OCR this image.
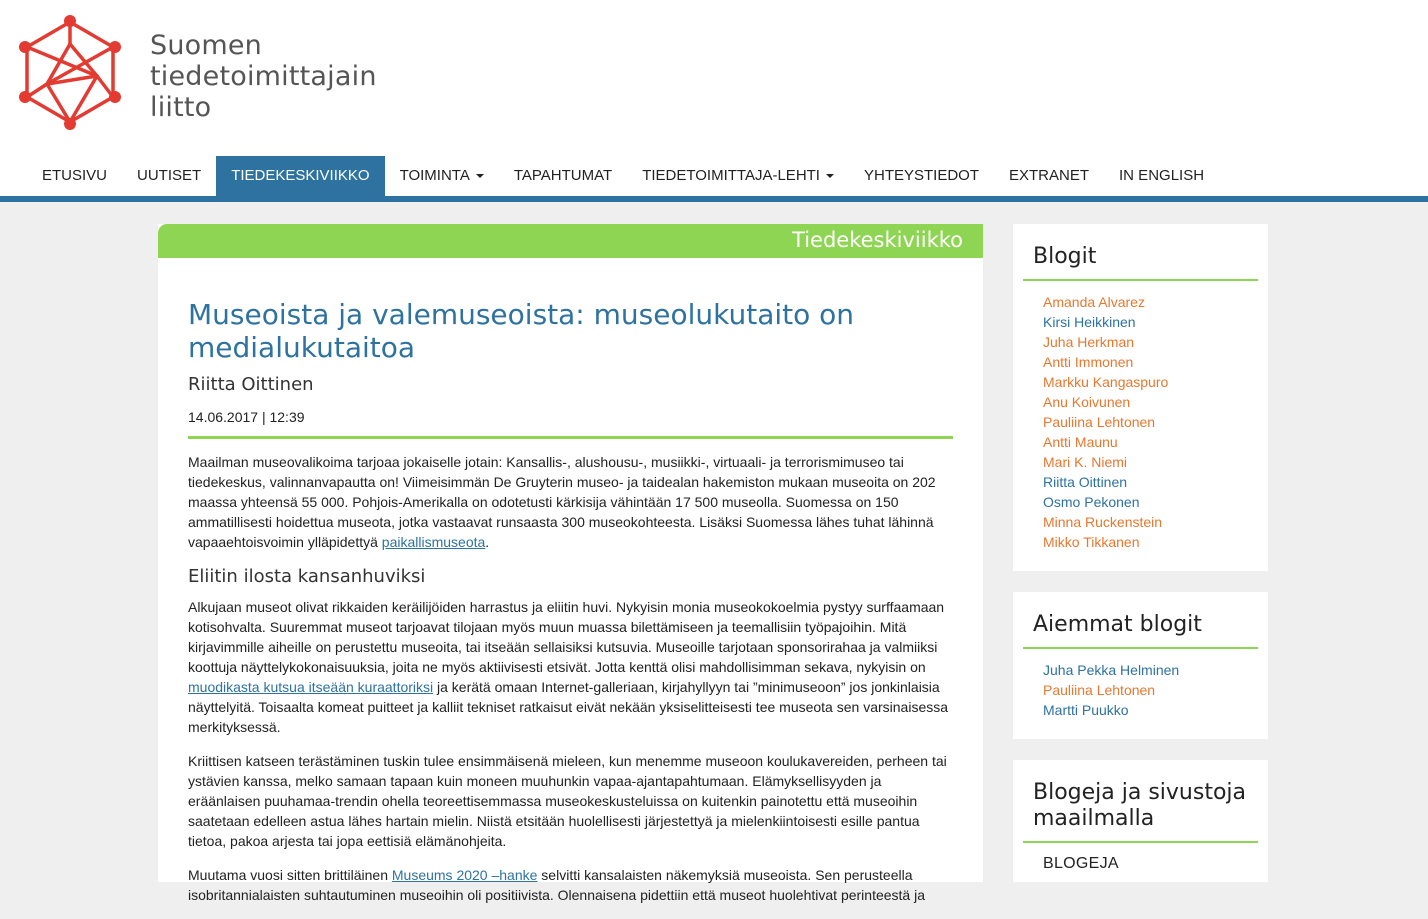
Suomen
tiedetoimittajain
liitto
ETUSIVU	UUTISET	TIEDEKESKIVIIKKO	TOIMINTA	TAPAHTUMAT	TIEDETOIMITTAJA-LEHTI	YHTEYSTIEDOT	EXTRANET	IN ENGLISH
Tiedekeskiviikko
Museoista ja valemuseoista: museolukutaito on medialukutaitoa
Riitta Oittinen
14.06.2017 | 12:39

Maailman museovalikoima tarjoaa jokaiselle jotain: Kansallis-, alushousu-, musiikki-, virtuaali- ja terrorismimuseo tai tiedekeskus, valinnanvapautta on! Viimeisimmän De Gruyterin museo- ja taidealan hakemiston mukaan museoita on 202 maassa yhteensä 55 000. Pohjois-Amerikalla on odotetusti kärkisija vähintään 17 500 museolla. Suomessa on 150 ammatillisesti hoidettua museota, jotka vastaavat runsaasta 300 museokohteesta. Lisäksi Suomessa lähes tuhat lähinnä vapaaehtoisvoimin ylläpidettyä paikallismuseota.

Eliitin ilosta kansanhuviksi

Alkujaan museot olivat rikkaiden keräilijöiden harrastus ja eliitin huvi. Nykyisin monia museokokoelmia pystyy surffaamaan kotisohvalta. Suuremmat museot tarjoavat tilojaan myös muun muassa bilettämiseen ja teemallisiin työpajoihin. Mitä kirjavimmille aiheille on perustettu museoita, tai itseään sellaisiksi kutsuvia. Museoille tarjotaan sponsorirahaa ja valmiiksi koottuja näyttelykokonaisuuksia, joita ne myös aktiivisesti etsivät. Jotta kenttä olisi mahdollisimman sekava, nykyisin on muodikasta kutsua itseään kuraattoriksi ja kerätä omaan Internet-galleriaan, kirjahyllyyn tai ”minimuseoon” jos jonkinlaisia näyttelyitä. Toisaalta komeat puitteet ja kalliit tekniset ratkaisut eivät nekään yksiselitteisesti tee museota sen varsinaisessa merkityksessä.

Kriittisen katseen terästäminen tuskin tulee ensimmäisenä mieleen, kun menemme museoon koulukavereiden, perheen tai ystävien kanssa, melko samaan tapaan kuin moneen muuhunkin vapaa-ajantapahtumaan. Elämyksellisyyden ja eräänlaisen puuhamaa-trendin ohella teoreettisemmassa museokeskusteluissa on kuitenkin painotettu että museoihin saatetaan edelleen astua lähes hartain mielin. Niistä etsitään huolellisesti järjestettyä ja mielenkiintoisesti esille pantua tietoa, pakoa arjesta tai jopa eettisiä elämänohjeita.

Muutama vuosi sitten brittiläinen Museums 2020 –hanke selvitti kansalaisten näkemyksiä museoista. Sen perusteella isobritannialaisten suhtautuminen museoihin oli positiivista. Olennaisena pidettiin että museot huolehtivat perinteestä ja

Blogit
Amanda Alvarez
Kirsi Heikkinen
Juha Herkman
Antti Immonen
Markku Kangaspuro
Anu Koivunen
Pauliina Lehtonen
Antti Maunu
Mari K. Niemi
Riitta Oittinen
Osmo Pekonen
Minna Ruckenstein
Mikko Tikkanen
Aiemmat blogit
Juha Pekka Helminen
Pauliina Lehtonen
Martti Puukko
Blogeja ja sivustoja
maailmalla
BLOGEJA
